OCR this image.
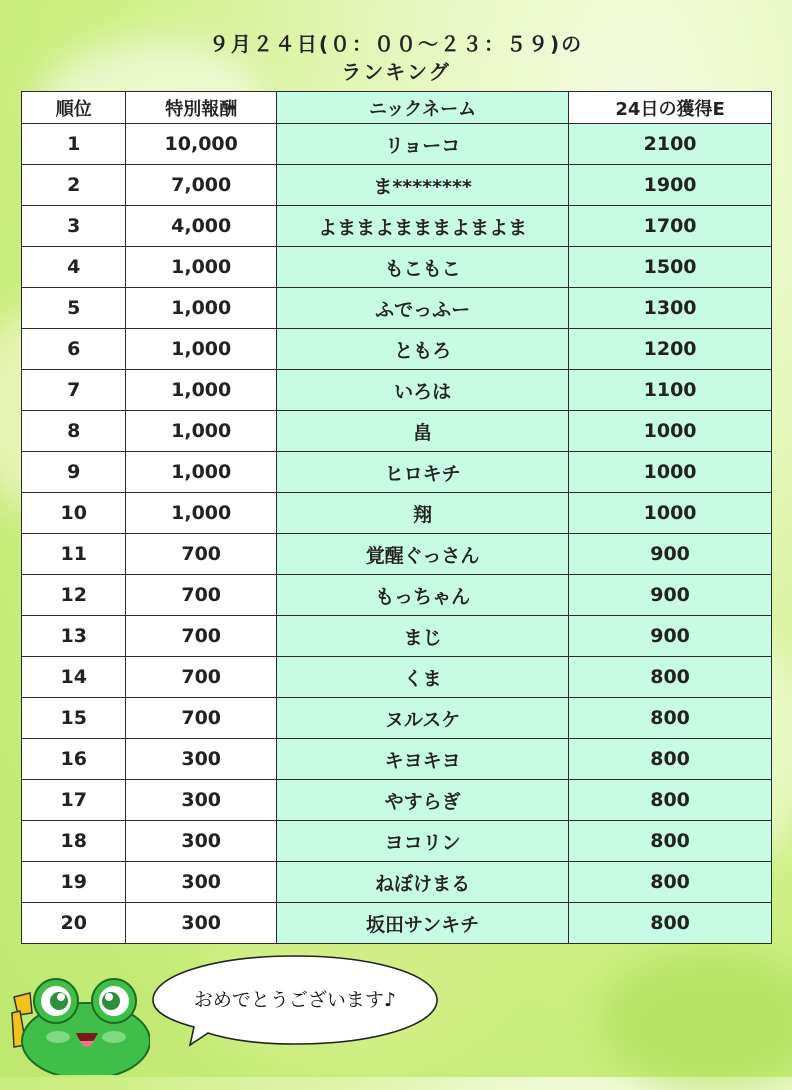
９月２４日(０：００～２３：５９)の
ランキング
順位	特別報酬	ニックネーム	24日の獲得E
1	10,000	リョーコ	2100
2	7,000	ま********	1900
3	4,000	よままよまままよまよま	1700
4	1,000	もこもこ	1500
5	1,000	ふでっふー	1300
6	1,000	ともろ	1200
7	1,000	いろは	1100
8	1,000	畠	1000
9	1,000	ヒロキチ	1000
10	1,000	翔	1000
11	700	覚醒ぐっさん	900
12	700	もっちゃん	900
13	700	まじ	900
14	700	くま	800
15	700	ヌルスケ	800
16	300	キヨキヨ	800
17	300	やすらぎ	800
18	300	ヨコリン	800
19	300	ねぼけまる	800
20	300	坂田サンキチ	800
おめでとうございます♪
